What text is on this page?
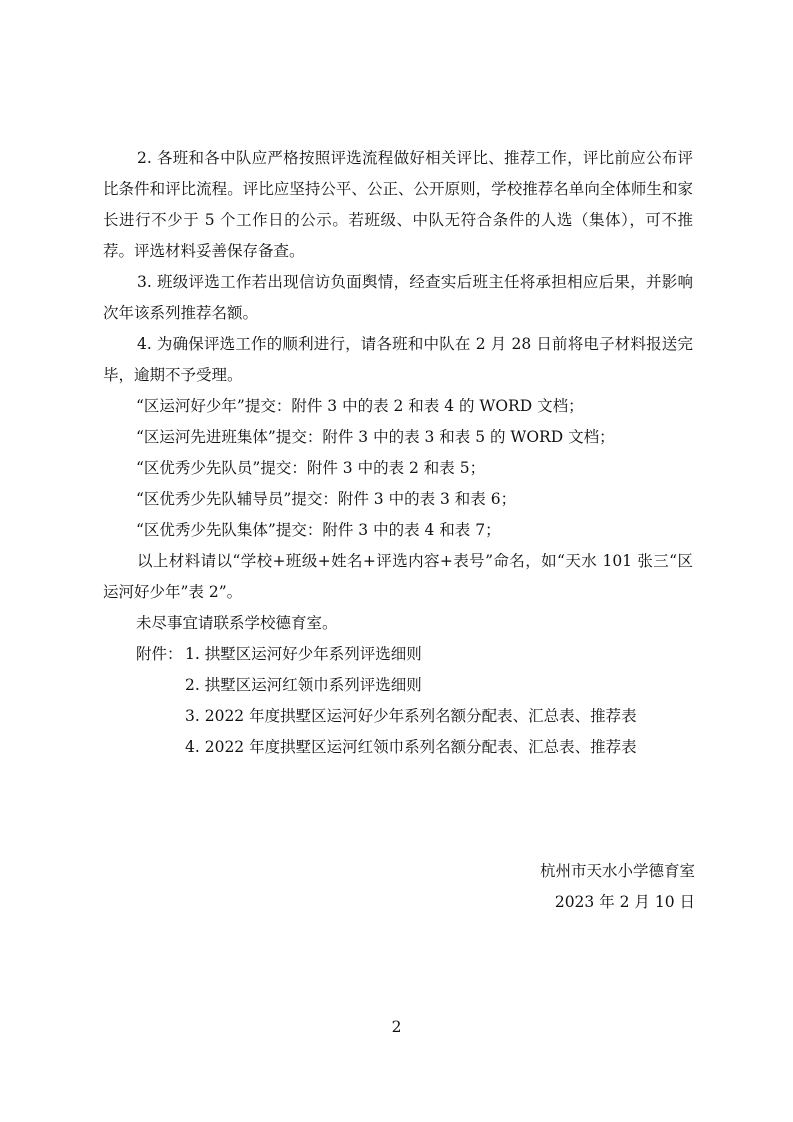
2. 各班和各中队应严格按照评选流程做好相关评比、推荐工作，评比前应公布评比条件和评比流程。评比应坚持公平、公正、公开原则，学校推荐名单向全体师生和家长进行不少于 5 个工作日的公示。若班级、中队无符合条件的人选（集体），可不推荐。评选材料妥善保存备查。

3. 班级评选工作若出现信访负面舆情，经查实后班主任将承担相应后果，并影响次年该系列推荐名额。

4. 为确保评选工作的顺利进行，请各班和中队在 2 月 28 日前将电子材料报送完毕，逾期不予受理。

“区运河好少年”提交：附件 3 中的表 2 和表 4 的 WORD 文档；

“区运河先进班集体”提交：附件 3 中的表 3 和表 5 的 WORD 文档；

“区优秀少先队员”提交：附件 3 中的表 2 和表 5；

“区优秀少先队辅导员”提交：附件 3 中的表 3 和表 6；

“区优秀少先队集体”提交：附件 3 中的表 4 和表 7；

以上材料请以“学校+班级+姓名+评选内容+表号”命名，如“天水 101 张三“区运河好少年”表 2”。

未尽事宜请联系学校德育室。

附件： 1. 拱墅区运河好少年系列评选细则
2. 拱墅区运河红领巾系列评选细则
3. 2022 年度拱墅区运河好少年系列名额分配表、汇总表、推荐表
4. 2022 年度拱墅区运河红领巾系列名额分配表、汇总表、推荐表
杭州市天水小学德育室
2023 年 2 月 10 日
2
